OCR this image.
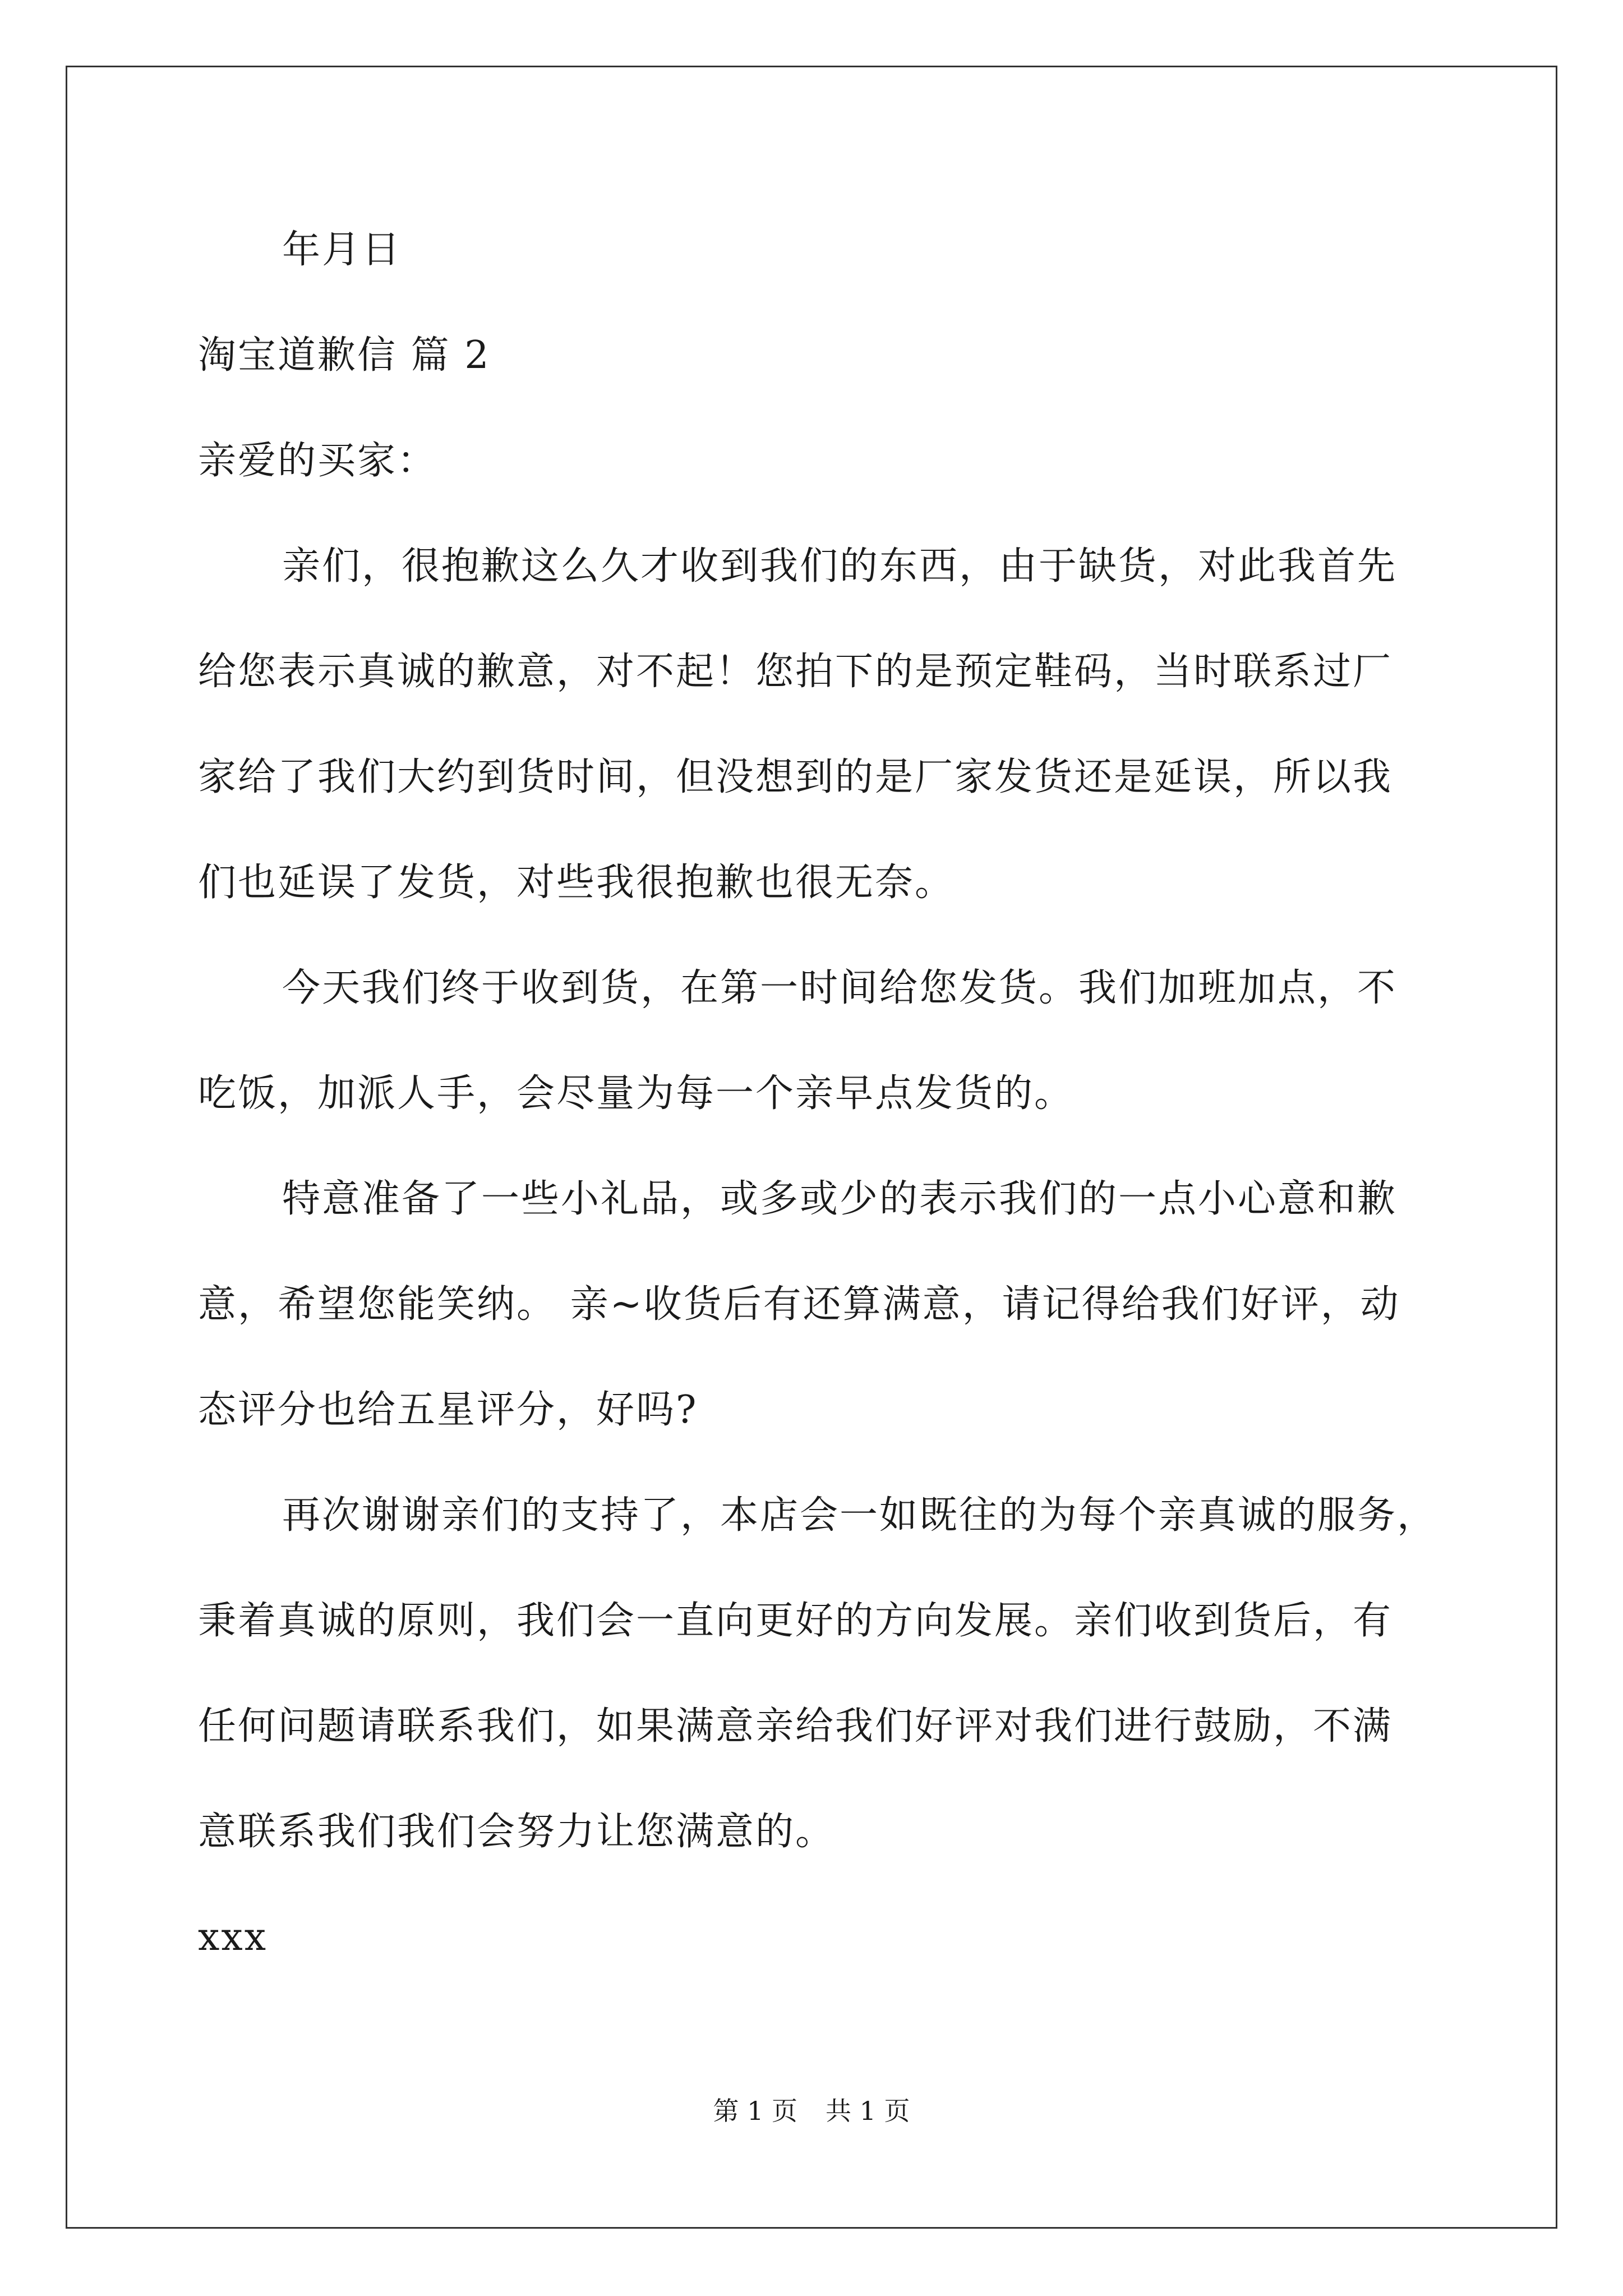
年月日
淘宝道歉信 篇 2
亲爱的买家：
亲们，很抱歉这么久才收到我们的东西，由于缺货，对此我首先
给您表示真诚的歉意，对不起！您拍下的是预定鞋码，当时联系过厂
家给了我们大约到货时间，但没想到的是厂家发货还是延误，所以我
们也延误了发货，对些我很抱歉也很无奈。
今天我们终于收到货，在第一时间给您发货。我们加班加点，不
吃饭，加派人手，会尽量为每一个亲早点发货的。
特意准备了一些小礼品，或多或少的表示我们的一点小心意和歉
意，希望您能笑纳。 亲~收货后有还算满意，请记得给我们好评，动
态评分也给五星评分，好吗?
再次谢谢亲们的支持了，本店会一如既往的为每个亲真诚的服务，
秉着真诚的原则，我们会一直向更好的方向发展。亲们收到货后，有
任何问题请联系我们，如果满意亲给我们好评对我们进行鼓励，不满
意联系我们我们会努力让您满意的。
xxx
第 1 页 共 1 页
